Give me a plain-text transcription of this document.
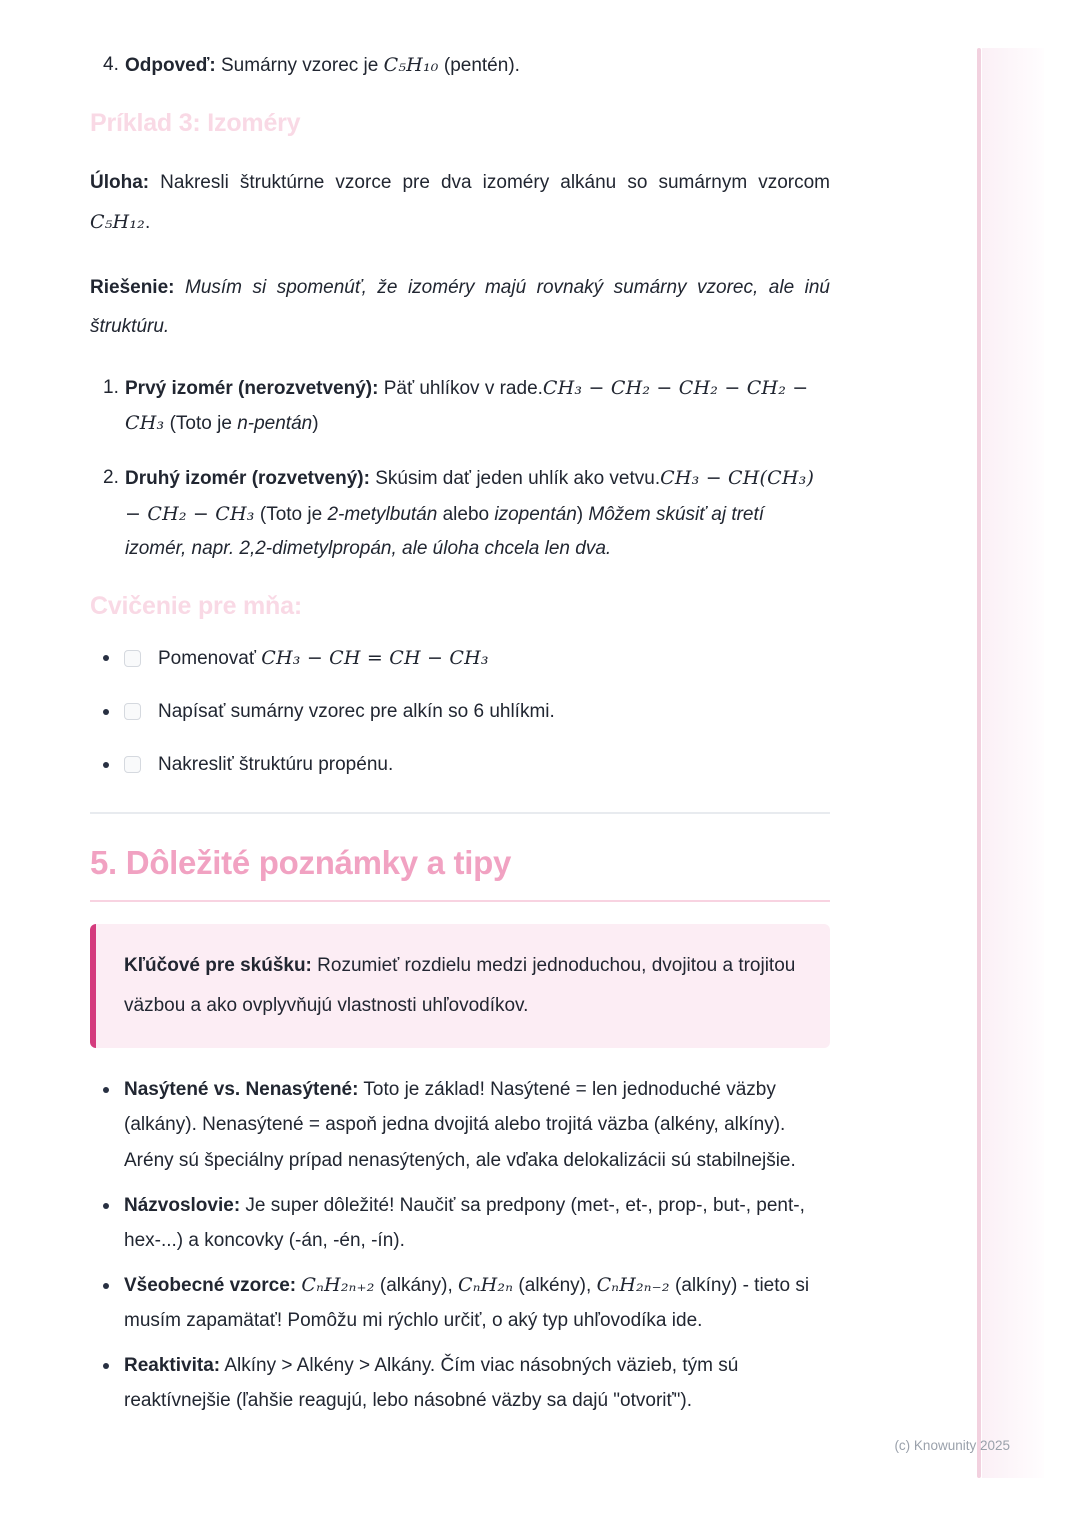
4. Odpoveď: Sumárny vzorec je C₅H₁₀ (pentén).

Príklad 3: Izoméry

Úloha: Nakresli štruktúrne vzorce pre dva izoméry alkánu so sumárnym vzorcom C₅H₁₂.

Riešenie: Musím si spomenúť, že izoméry majú rovnaký sumárny vzorec, ale inú štruktúru.

1. Prvý izomér (nerozvetvený): Päť uhlíkov v rade.CH₃ − CH₂ − CH₂ − CH₂ − CH₃ (Toto je n-pentán)

2. Druhý izomér (rozvetvený): Skúsim dať jeden uhlík ako vetvu.CH₃ − CH(CH₃) − CH₂ − CH₃ (Toto je 2-metylbután alebo izopentán) Môžem skúsiť aj tretí izomér, napr. 2,2-dimetylpropán, ale úloha chcela len dva.

Cvičenie pre mňa:
Pomenovať CH₃ − CH = CH − CH₃
Napísať sumárny vzorec pre alkín so 6 uhlíkmi.
Nakresliť štruktúru propénu.
5. Dôležité poznámky a tipy

Kľúčové pre skúšku: Rozumieť rozdielu medzi jednoduchou, dvojitou a trojitou väzbou a ako ovplyvňujú vlastnosti uhľovodíkov.

Nasýtené vs. Nenasýtené: Toto je základ! Nasýtené = len jednoduché väzby (alkány). Nenasýtené = aspoň jedna dvojitá alebo trojitá väzba (alkény, alkíny). Arény sú špeciálny prípad nenasýtených, ale vďaka delokalizácii sú stabilnejšie.

Názvoslovie: Je super dôležité! Naučiť sa predpony (met-, et-, prop-, but-, pent-, hex-...) a koncovky (-án, -én, -ín).

Všeobecné vzorce: CₙH₂ₙ₊₂ (alkány), CₙH₂ₙ (alkény), CₙH₂ₙ₋₂ (alkíny) - tieto si musím zapamätať! Pomôžu mi rýchlo určiť, o aký typ uhľovodíka ide.

Reaktivita: Alkíny > Alkény > Alkány. Čím viac násobných väzieb, tým sú reaktívnejšie (ľahšie reagujú, lebo násobné väzby sa dajú "otvoriť").

(c) Knowunity 2025
